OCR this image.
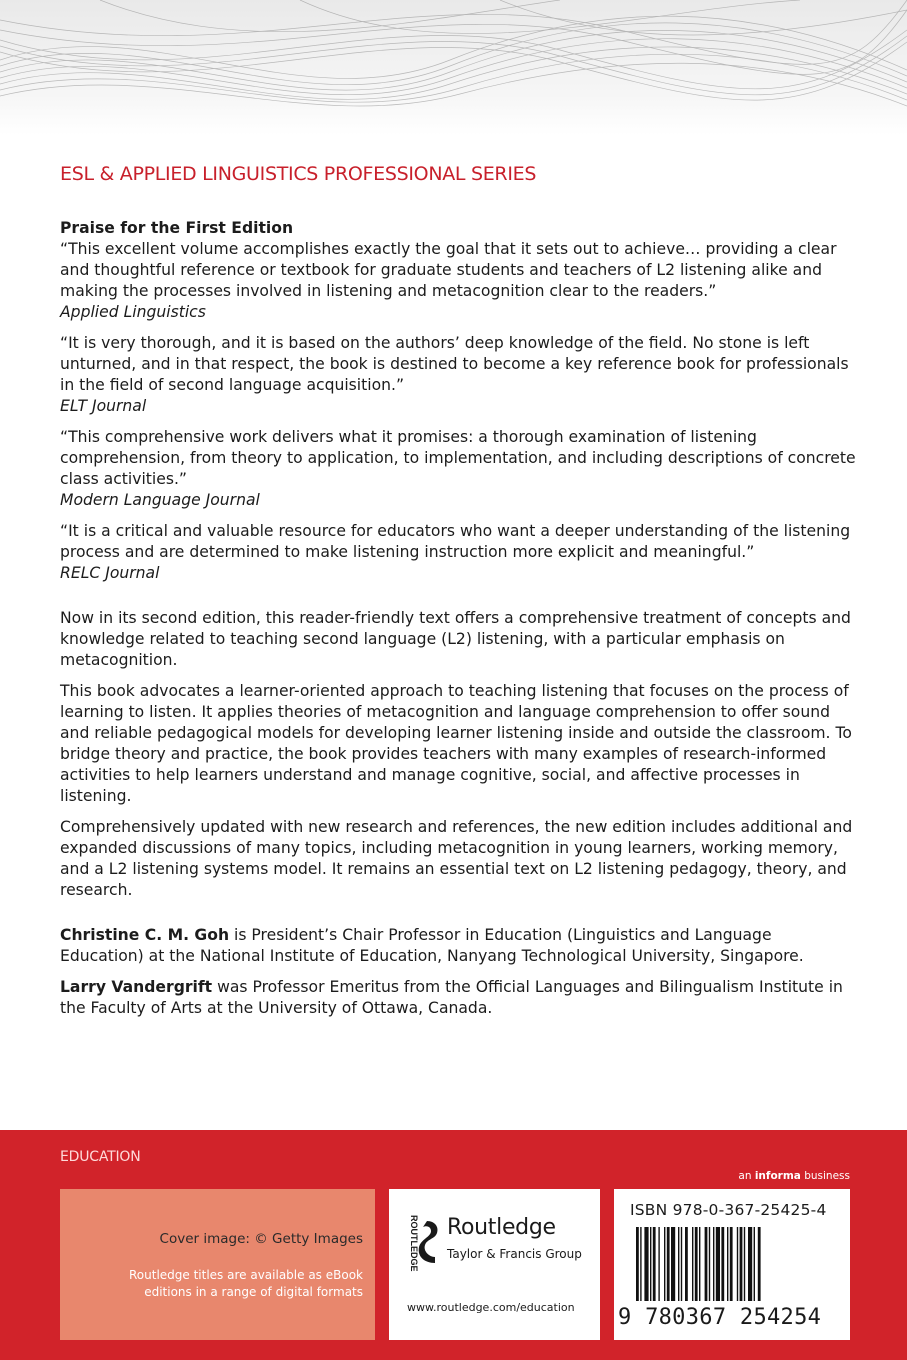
ESL & APPLIED LINGUISTICS PROFESSIONAL SERIES
Praise for the First Edition

“This excellent volume accomplishes exactly the goal that it sets out to achieve… providing a clear and thoughtful reference or textbook for graduate students and teachers of L2 listening alike and making the processes involved in listening and metacognition clear to the readers.”

Applied Linguistics

“It is very thorough, and it is based on the authors’ deep knowledge of the field. No stone is left unturned, and in that respect, the book is destined to become a key reference book for professionals in the field of second language acquisition.”

ELT Journal

“This comprehensive work delivers what it promises: a thorough examination of listening comprehension, from theory to application, to implementation, and including descriptions of concrete class activities.”

Modern Language Journal

“It is a critical and valuable resource for educators who want a deeper understanding of the listening process and are determined to make listening instruction more explicit and meaningful.”

RELC Journal

Now in its second edition, this reader-friendly text offers a comprehensive treatment of concepts and knowledge related to teaching second language (L2) listening, with a particular emphasis on metacognition.

This book advocates a learner-oriented approach to teaching listening that focuses on the process of learning to listen. It applies theories of metacognition and language comprehension to offer sound and reliable pedagogical models for developing learner listening inside and outside the classroom. To bridge theory and practice, the book provides teachers with many examples of research-informed activities to help learners understand and manage cognitive, social, and affective processes in listening.

Comprehensively updated with new research and references, the new edition includes additional and expanded discussions of many topics, including metacognition in young learners, working memory, and a L2 listening systems model. It remains an essential text on L2 listening pedagogy, theory, and research.

Christine C. M. Goh is President’s Chair Professor in Education (Linguistics and Language Education) at the National Institute of Education, Nanyang Technological University, Singapore.

Larry Vandergrift was Professor Emeritus from the Official Languages and Bilingualism Institute in the Faculty of Arts at the University of Ottawa, Canada.

EDUCATION
an informa business
Cover image: © Getty Images
Routledge titles are available as eBook editions in a range of digital formats
ROUTLEDGE Routledge
Taylor & Francis Group
www.routledge.com/education
ISBN 978-0-367-25425-4
9 780367 254254
